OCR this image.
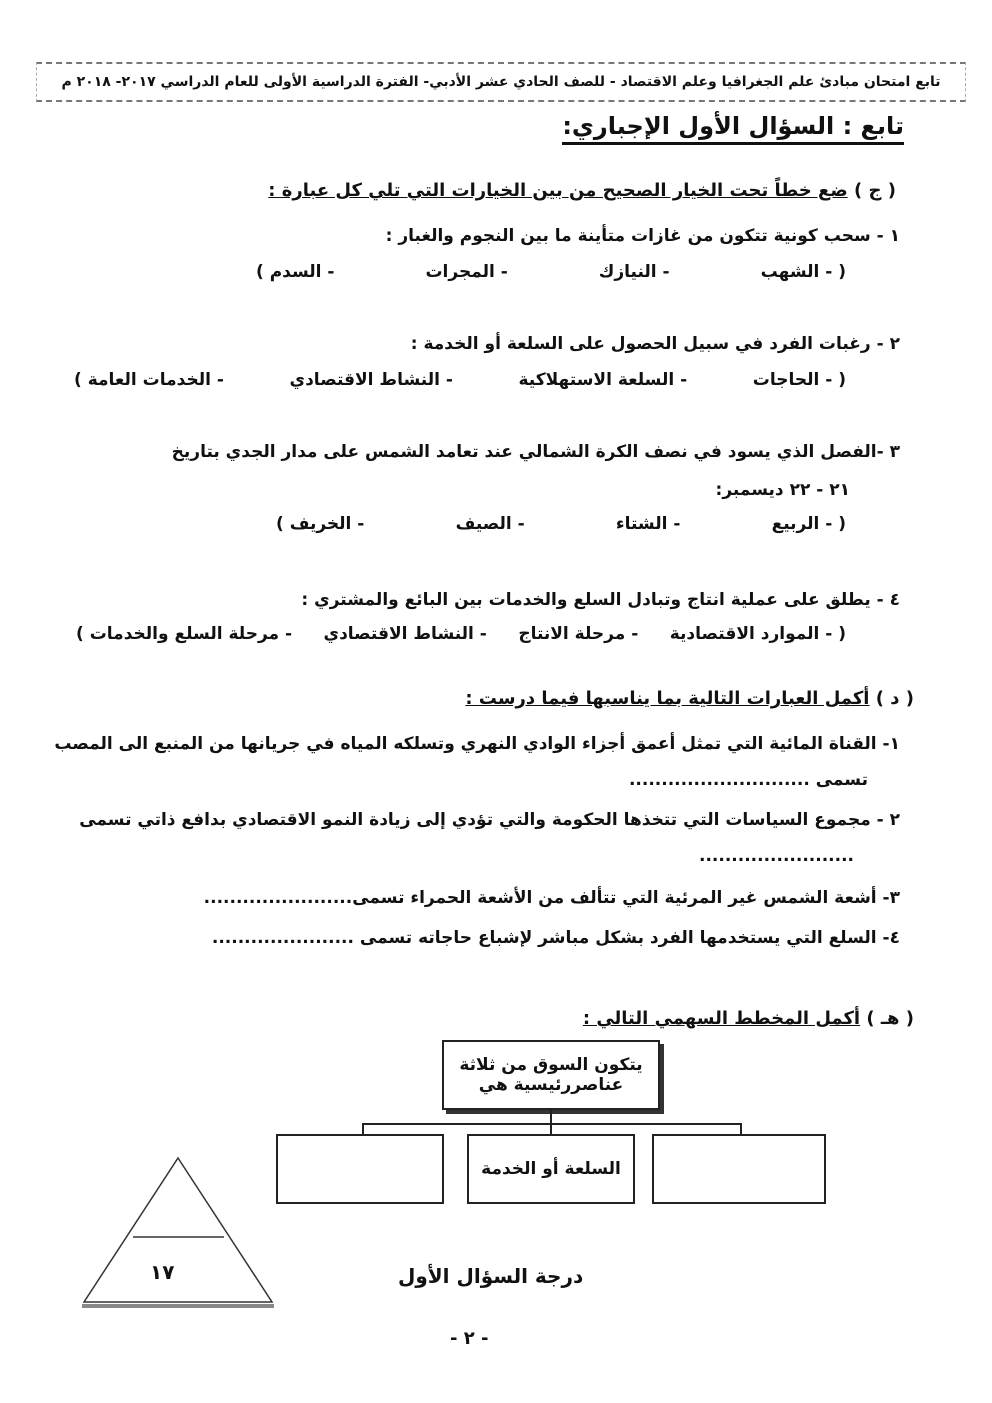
تابع امتحان مبادئ علم الجغرافيا وعلم الاقتصاد - للصف الحادي عشر الأدبي- الفترة الدراسية الأولى للعام الدراسي ٢٠١٧- ٢٠١٨ م
تابع : السؤال الأول الإجباري:
( ج ) ضع خطاً تحت الخيار الصحيح من بين الخيارات التي تلي كل عبارة :
١ - سحب كونية تتكون من غازات متأينة ما بين النجوم والغبار :
( - الشهب
- النيازك
- المجرات
- السدم )
٢ - رغبات الفرد في سبيل الحصول على السلعة أو الخدمة :
( - الحاجات
- السلعة الاستهلاكية
- النشاط الاقتصادي
- الخدمات العامة )
٣ -الفصل الذي يسود في نصف الكرة الشمالي عند تعامد الشمس على مدار الجدي بتاريخ
٢١ - ٢٢ ديسمبر:
( - الربيع
- الشتاء
- الصيف
- الخريف )
٤ - يطلق على عملية انتاج وتبادل السلع والخدمات بين البائع والمشتري :
( - الموارد الاقتصادية
- مرحلة الانتاج
- النشاط الاقتصادي
- مرحلة السلع والخدمات )
( د ) أكمل العبارات التالية بما يناسبها فيما درست :
١- القناة المائية التي تمثل أعمق أجزاء الوادي النهري وتسلكه المياه في جريانها من المنبع الى المصب
تسمى ............................
٢ - مجموع السياسات التي تتخذها الحكومة والتي تؤدي إلى زيادة النمو الاقتصادي بدافع ذاتي تسمى
........................
٣- أشعة الشمس غير المرئية التي تتألف من الأشعة الحمراء تسمى.......................
٤- السلع التي يستخدمها الفرد بشكل مباشر لإشباع حاجاته تسمى ......................
( هـ ) أكمل المخطط السهمي التالي :
يتكون السوق من ثلاثة عناصررئيسية هي
السلعة أو الخدمة
١٧	درجة السؤال الأول
- ٢ -
